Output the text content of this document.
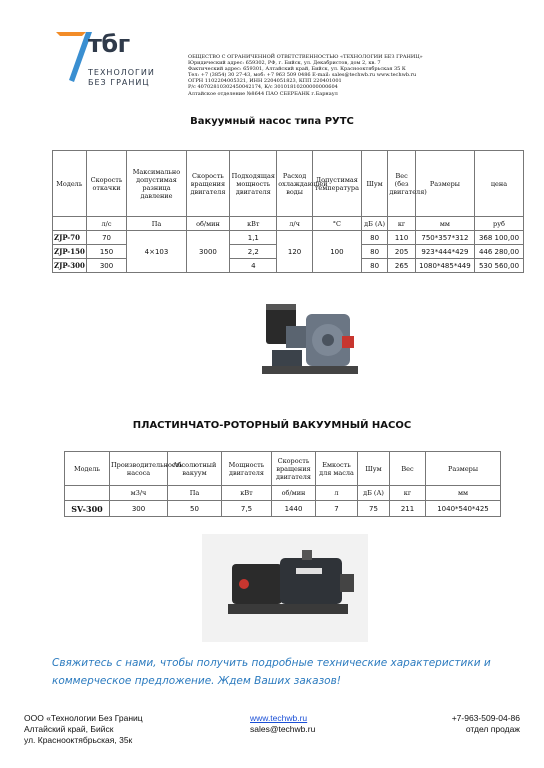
тбг
ТЕХНОЛОГИИ
БЕЗ ГРАНИЦ
ОБЩЕСТВО С ОГРАНИЧЕННОЙ ОТВЕТСТВЕННОСТЬЮ «ТЕХНОЛОГИИ БЕЗ ГРАНИЦ»
Юридический адрес: 659302, РФ, г. Бийск, ул. Декабристов, дом 2, кв. 7
Фактический адрес: 659301, Алтайский край, Бийск, ул. Краснооктябрьская 35 К
Тел: +7 (3854) 30 27-43, моб: +7 963 509 0486 E-mail: sales@techwb.ru www.techwb.ru
ОГРН 1102204005321, ИНН 2204051823, КПП 220401001
Р/с 40702810302450042174, К/с 30101810200000000604
Алтайское отделение №8644 ПАО СБЕРБАНК г.Барнаул
Вакуумный насос типа РУТС
Модель	Скорость откачки	Максимально допустимая разница давление	Скорость вращения двигателя	Подходящая мощность двигателя	Расход охлаждающей воды	Допустимая температура	Шум	Вес (без двигателя)	Размеры	цена
	л/с	Па	об/мин	кВт	л/ч	°С	дБ (А)	кг	мм	руб
ZJP-70	70	4×103	3000	1,1	120	100	80	110	750*357*312	368 100,00
ZJP-150	150			2,2			80	205	923*444*429	446 280,00
ZJP-300	300			4			80	265	1080*485*449	530 560,00
ПЛАСТИНЧАТО-РОТОРНЫЙ ВАКУУМНЫЙ НАСОС
Модель	Производительность насоса	Абсолютный вакуум	Мощность двигателя	Скорость вращения двигателя	Емкость для масла	Шум	Вес	Размеры
	м3/ч	Па	кВт	об/мин	л	дБ (А)	кг	мм
SV-300	300	50	7,5	1440	7	75	211	1040*540*425
Свяжитесь с нами, чтобы получить подробные технические характеристики и коммерческое предложение. Ждем Ваших заказов!
ООО «Технологии Без Границ
Алтайский край, Бийск
ул. Краснооктябрьская, 35к
www.techwb.ru
sales@techwb.ru
+7-963-509-04-86
отдел продаж
